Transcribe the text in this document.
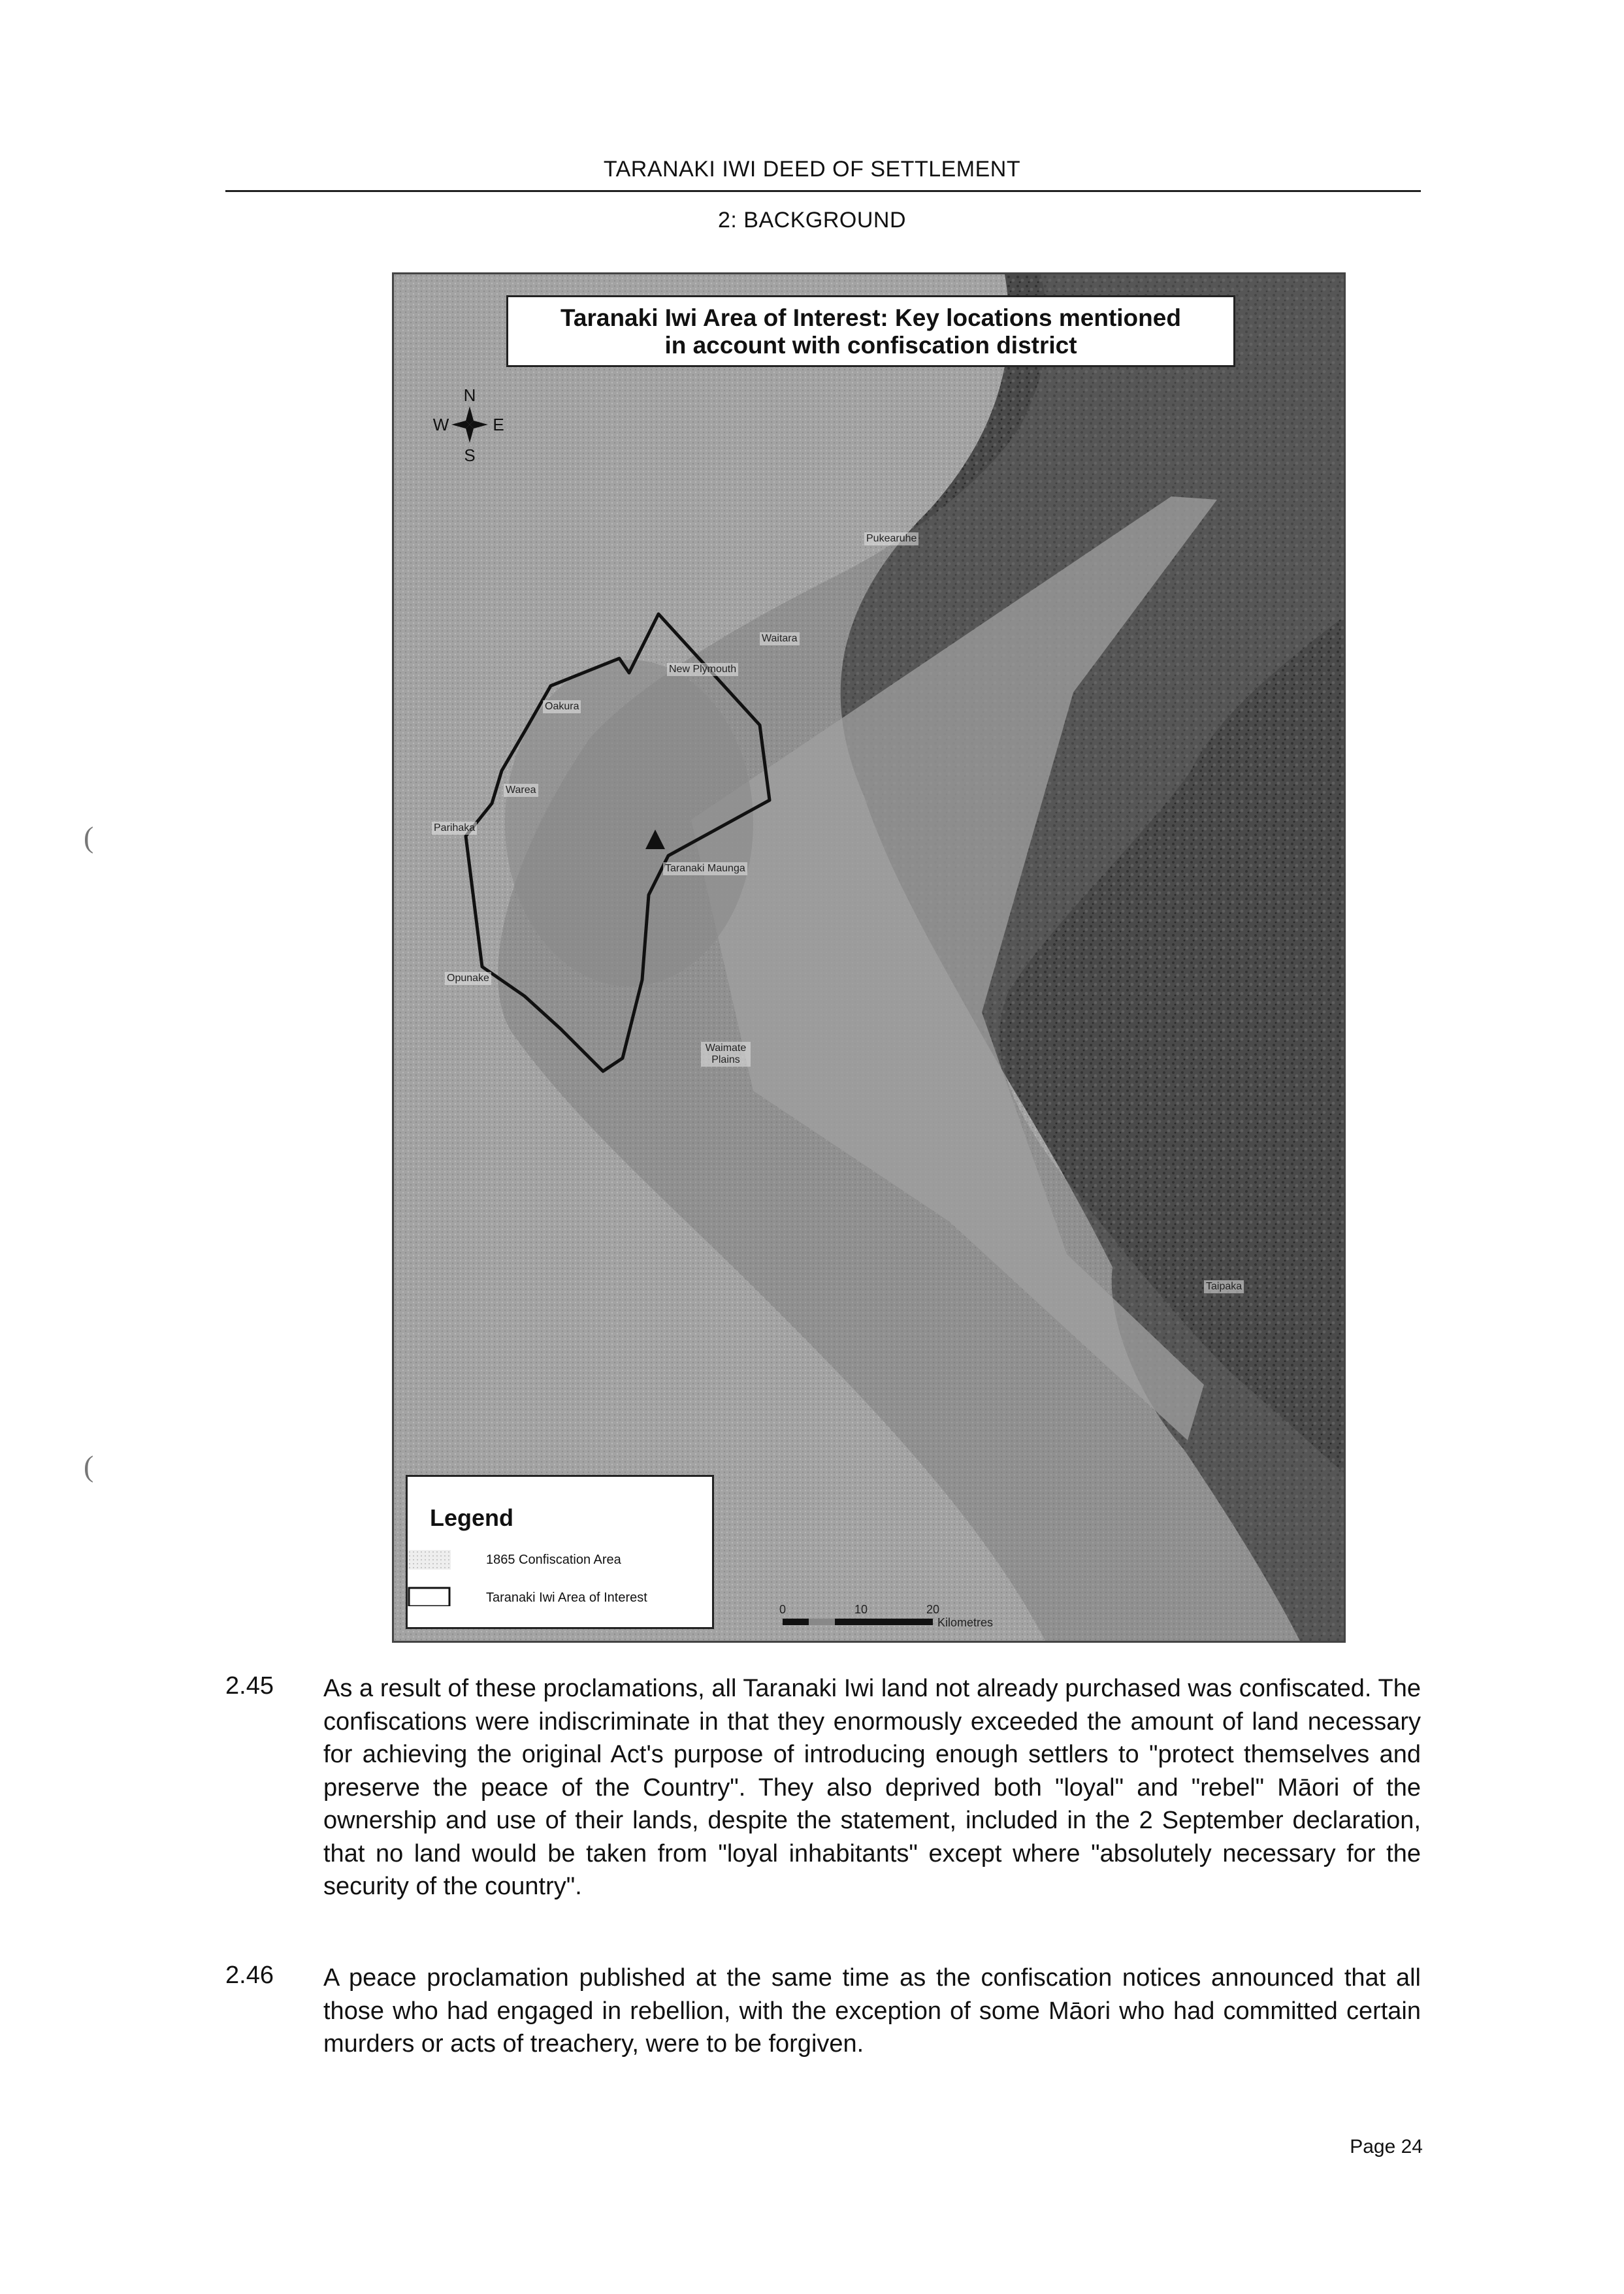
TARANAKI IWI DEED OF SETTLEMENT
2: BACKGROUND
(
(
N
S
E
W
0	10	20
Kilometres
Taranaki Iwi Area of Interest: Key locations mentioned
in account with confiscation district
Pukearuhe
Waitara
New Plymouth
Oakura
Warea
Parihaka
Taranaki Maunga
Opunake
Waimate Plains
Taipaka
Legend
1865 Confiscation Area
Taranaki Iwi Area of Interest
2.45 As a result of these proclamations, all Taranaki Iwi land not already purchased was confiscated. The confiscations were indiscriminate in that they enormously exceeded the amount of land necessary for achieving the original Act's purpose of introducing enough settlers to "protect themselves and preserve the peace of the Country". They also deprived both "loyal" and "rebel" Māori of the ownership and use of their lands, despite the statement, included in the 2 September declaration, that no land would be taken from "loyal inhabitants" except where "absolutely necessary for the security of the country".
2.46 A peace proclamation published at the same time as the confiscation notices announced that all those who had engaged in rebellion, with the exception of some Māori who had committed certain murders or acts of treachery, were to be forgiven.
Page 24
